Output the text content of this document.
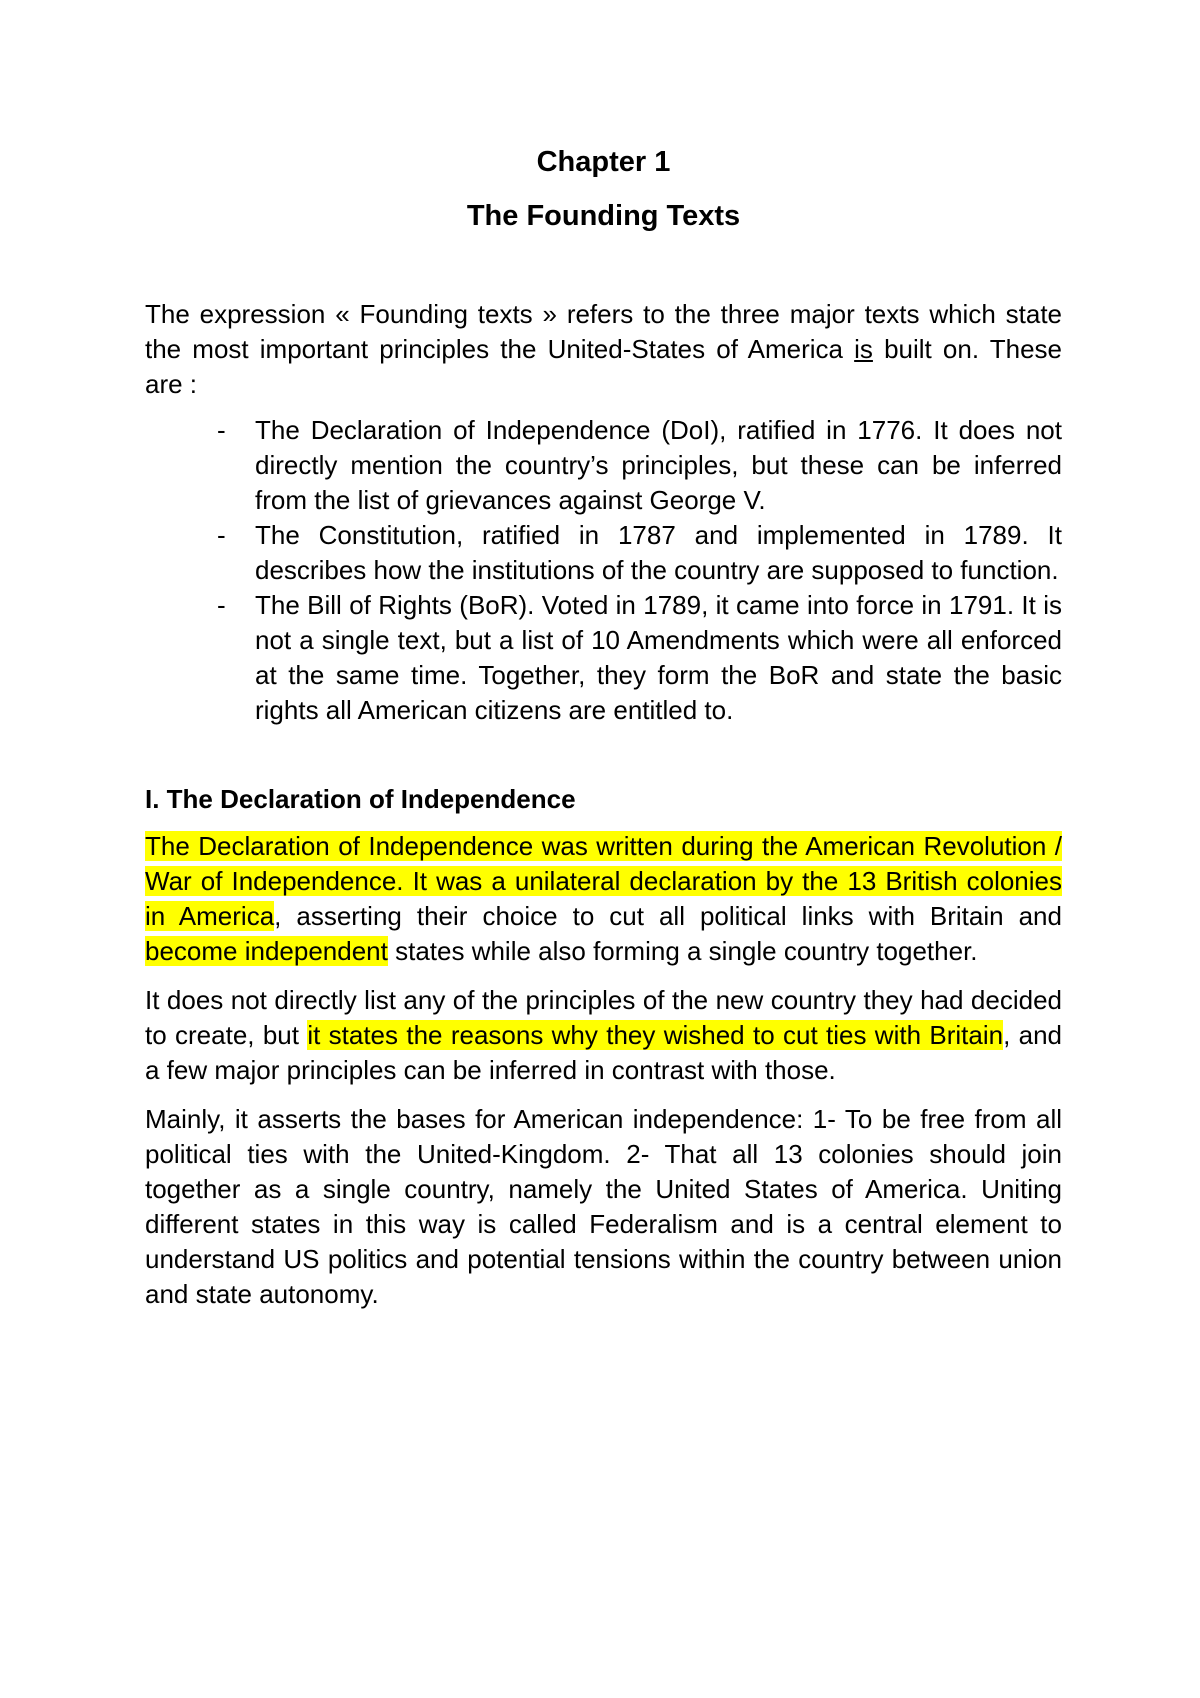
Chapter 1
The Founding Texts

The expression « Founding texts » refers to the three major texts which state the most important principles the United-States of America is built on. These are :

- The Declaration of Independence (DoI), ratified in 1776. It does not directly mention the country’s principles, but these can be inferred from the list of grievances against George V.
- The Constitution, ratified in 1787 and implemented in 1789. It describes how the institutions of the country are supposed to function.
- The Bill of Rights (BoR). Voted in 1789, it came into force in 1791. It is not a single text, but a list of 10 Amendments which were all enforced at the same time. Together, they form the BoR and state the basic rights all American citizens are entitled to.
I. The Declaration of Independence

The Declaration of Independence was written during the American Revolution / War of Independence. It was a unilateral declaration by the 13 British colonies in America, asserting their choice to cut all political links with Britain and become independent states while also forming a single country together.

It does not directly list any of the principles of the new country they had decided to create, but it states the reasons why they wished to cut ties with Britain, and a few major principles can be inferred in contrast with those.

Mainly, it asserts the bases for American independence: 1- To be free from all political ties with the United-Kingdom. 2- That all 13 colonies should join together as a single country, namely the United States of America. Uniting different states in this way is called Federalism and is a central element to understand US politics and potential tensions within the country between union and state autonomy.
